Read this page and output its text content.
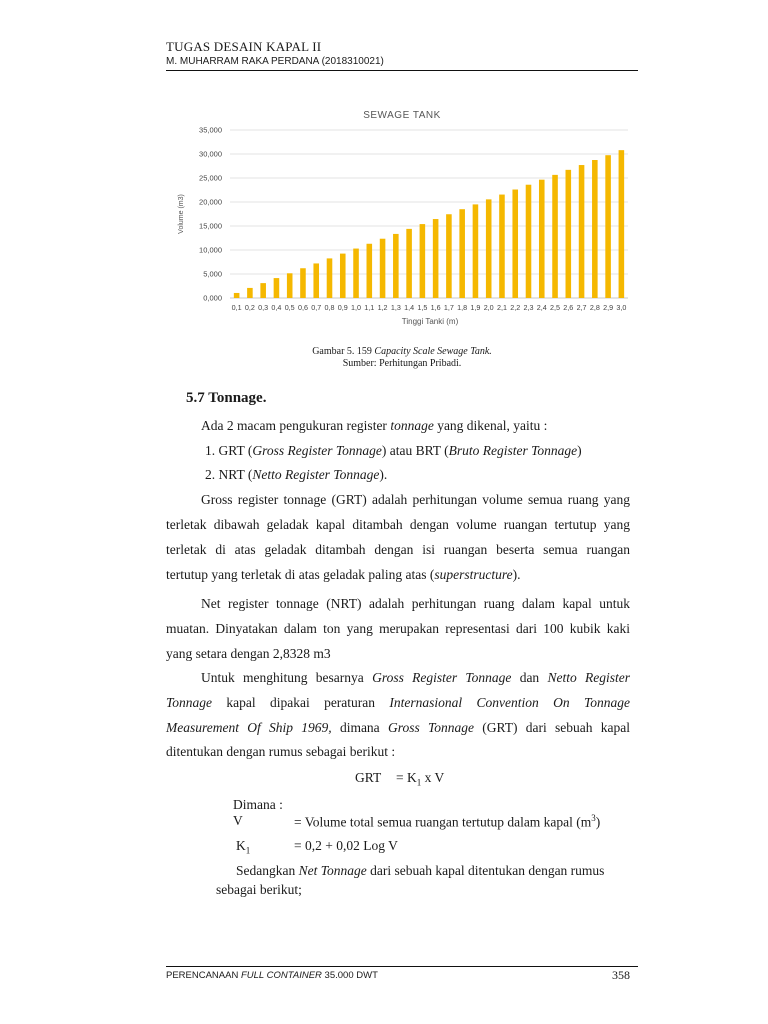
TUGAS DESAIN KAPAL II
M. MUHARRAM RAKA PERDANA (2018310021)
SEWAGE TANK
0,000
5,000
10,000
15,000
20,000
25,000
30,000
35,000
0,1 0,2 0,3 0,4 0,5 0,6 0,7 0,8 0,9 1,0 1,1 1,2 1,3 1,4 1,5 1,6 1,7 1,8 1,9 2,0 2,1 2,2 2,3 2,4 2,5 2,6 2,7 2,8 2,9 3,0
Volume (m3)
Tinggi Tanki (m)
Gambar 5. 159 Capacity Scale Sewage Tank.
Sumber: Perhitungan Pribadi.
5.7 Tonnage.
Ada 2 macam pengukuran register tonnage yang dikenal, yaitu :
1. GRT (Gross Register Tonnage) atau BRT (Bruto Register Tonnage)
2. NRT (Netto Register Tonnage).
Gross register tonnage (GRT) adalah perhitungan volume semua ruang yang
terletak dibawah geladak kapal ditambah dengan volume ruangan tertutup yang
terletak di atas geladak ditambah dengan isi ruangan beserta semua ruangan
tertutup yang terletak di atas geladak paling atas (superstructure).
Net register tonnage (NRT) adalah perhitungan ruang dalam kapal untuk
muatan. Dinyatakan dalam ton yang merupakan representasi dari 100 kubik kaki
yang setara dengan 2,8328 m3
Untuk menghitung besarnya Gross Register Tonnage dan Netto Register
Tonnage kapal dipakai peraturan Internasional Convention On Tonnage
Measurement Of Ship 1969, dimana Gross Tonnage (GRT) dari sebuah kapal
ditentukan dengan rumus sebagai berikut :
GRT = $K_1$ x V
Dimana :
V	= Volume total semua ruangan tertutup dalam kapal $(m^3)$
$K_1$	= 0,2 + 0,02 Log V
Sedangkan Net Tonnage dari sebuah kapal ditentukan dengan rumus
sebagai berikut;
PERENCANAAN FULL CONTAINER 35.000 DWT	358
